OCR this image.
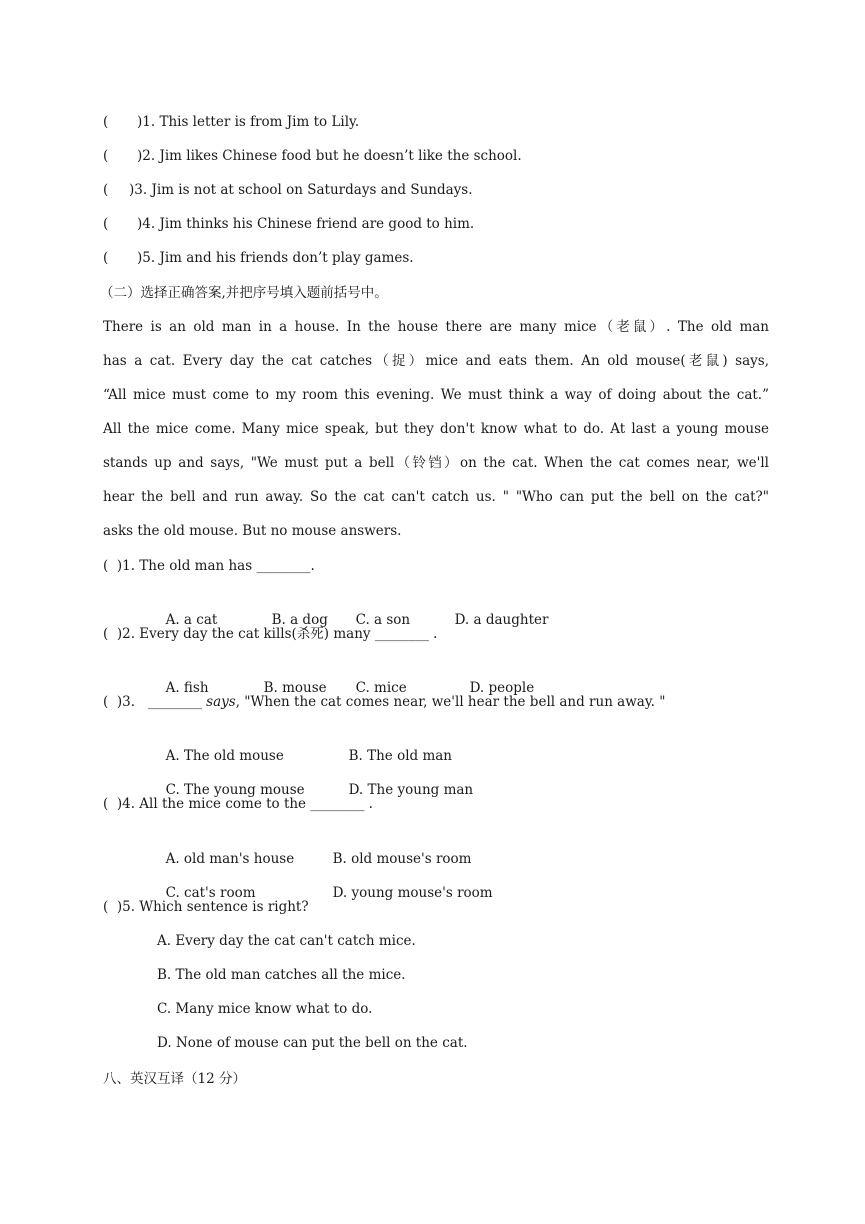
( )1. This letter is from Jim to Lily.
( )2. Jim likes Chinese food but he doesn’t like the school.
( )3. Jim is not at school on Saturdays and Sundays.
( )4. Jim thinks his Chinese friend are good to him.
( )5. Jim and his friends don’t play games.
（二）选择正确答案,并把序号填入题前括号中。
There is an old man in a house. In the house there are many mice（老鼠）. The old man
has a cat. Every day the cat catches（捉）mice and eats them. An old mouse(老鼠) says,
“All mice must come to my room this evening. We must think a way of doing about the cat.”
All the mice come. Many mice speak, but they don't know what to do. At last a young mouse
stands up and says, "We must put a bell（铃铛）on the cat. When the cat comes near, we'll
hear the bell and run away. So the cat can't catch us. " "Who can put the bell on the cat?"
asks the old mouse. But no mouse answers.
(  )1. The old man has ________.

A. a cat	B. a dog C. a son	D. a daughter

(  )2. Every day the cat kills(杀死) many ________ .

A. fish	B. mouse C. mice	D. people

(  )3.   ________ says, "When the cat comes near, we'll hear the bell and run away. "

A. The old mouse	B. The old man

C. The young mouse	D. The young man

(  )4. All the mice come to the ________ .

A. old man's house	B. old mouse's room

C. cat's room	D. young mouse's room

(  )5. Which sentence is right?
A. Every day the cat can't catch mice.
B. The old man catches all the mice.
C. Many mice know what to do.
D. None of mouse can put the bell on the cat.
八、英汉互译（12 分）
